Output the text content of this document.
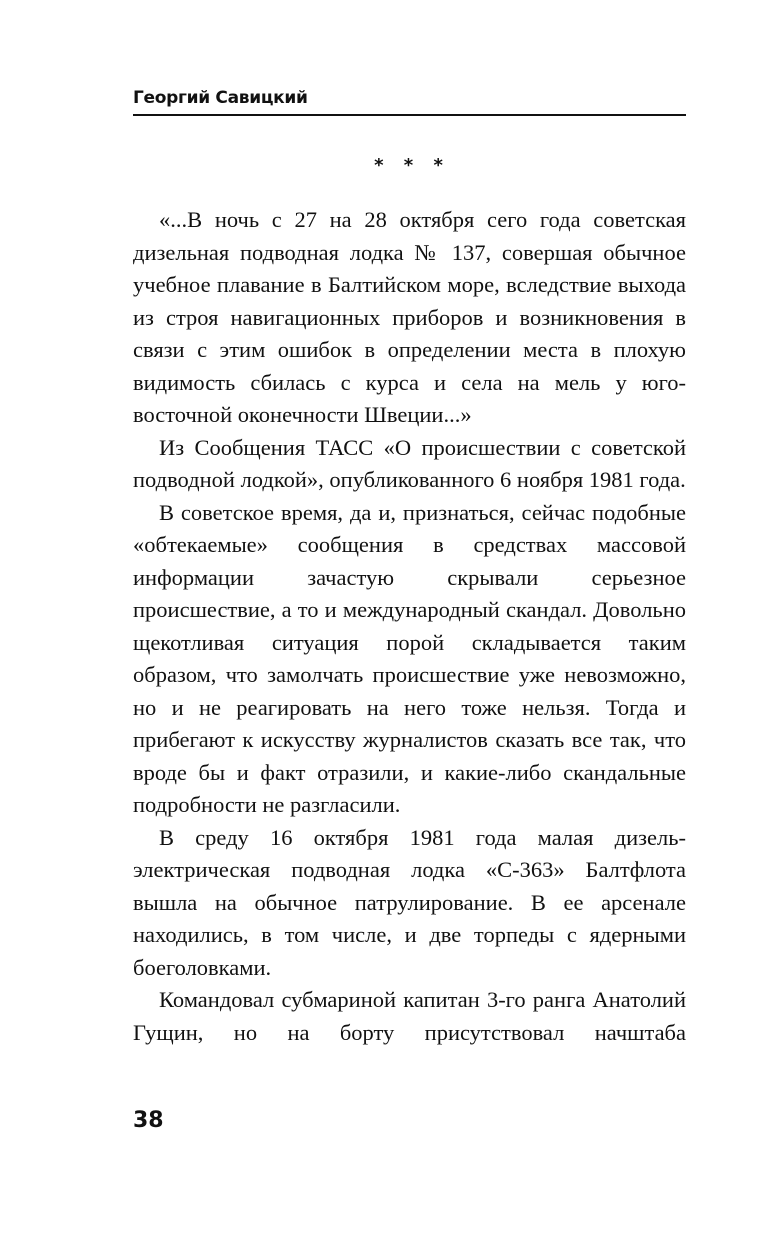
Георгий Савицкий
* * *

«...В ночь с 27 на 28 октября сего года советская дизельная подводная лодка № 137, совершая обычное учебное плавание в Балтийском море, вследствие выхода из строя навигационных приборов и возникновения в связи с этим ошибок в определении места в плохую видимость сбилась с курса и села на мель у юго-восточной оконечности Швеции...»

Из Сообщения ТАСС «О происшествии с советской подводной лодкой», опубликованного 6 ноября 1981 года.

В советское время, да и, признаться, сейчас подобные «обтекаемые» сообщения в средствах массовой информации зачастую скрывали серьезное происшествие, а то и международный скандал. Довольно щекотливая ситуация порой складывается таким образом, что замолчать происшествие уже невозможно, но и не реагировать на него тоже нельзя. Тогда и прибегают к искусству журналистов сказать все так, что вроде бы и факт отразили, и какие-либо скандальные подробности не разгласили.

В среду 16 октября 1981 года малая дизель-электрическая подводная лодка «С-363» Балтфлота вышла на обычное патрулирование. В ее арсенале находились, в том числе, и две торпеды с ядерными боеголовками.

Командовал субмариной капитан 3-го ранга Анатолий Гущин, но на борту присутствовал начштаба

38
